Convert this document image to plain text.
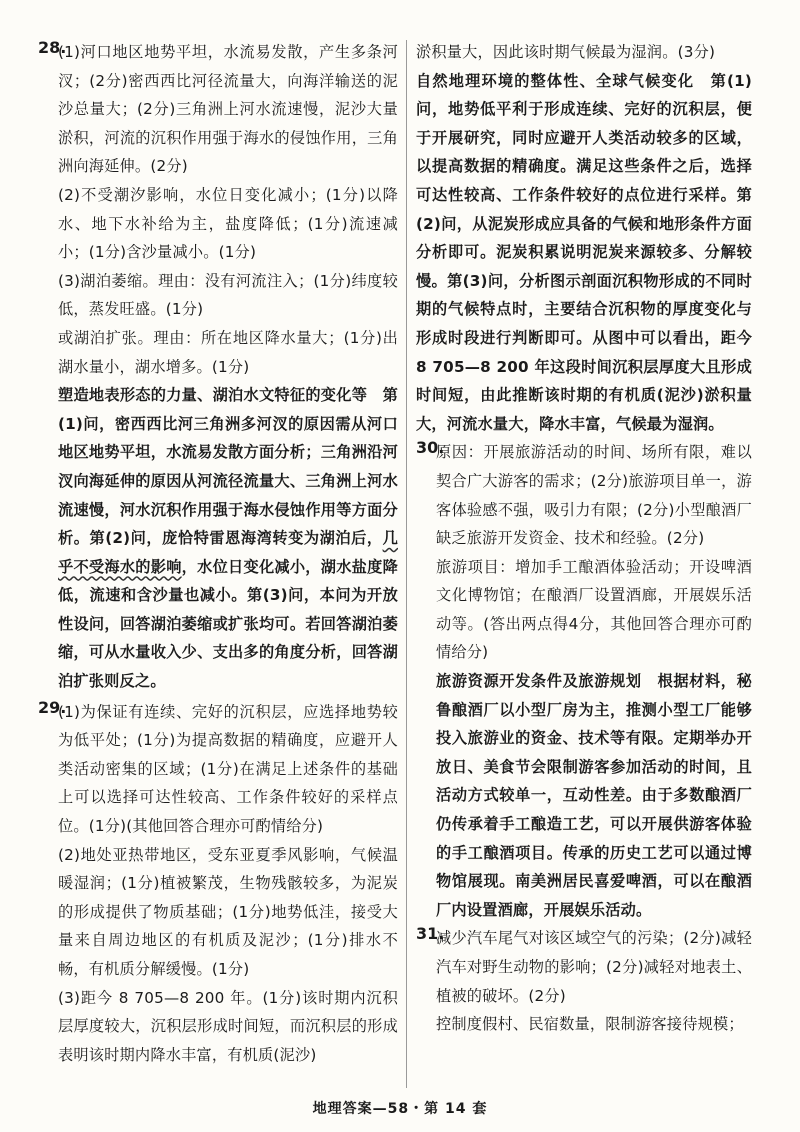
28.

(1)河口地区地势平坦，水流易发散，产生多条河汊；(2分)密西西比河径流量大，向海洋输送的泥沙总量大；(2分)三角洲上河水流速慢，泥沙大量淤积，河流的沉积作用强于海水的侵蚀作用，三角洲向海延伸。(2分)

(2)不受潮汐影响，水位日变化减小；(1分)以降水、地下水补给为主，盐度降低；(1分)流速减小；(1分)含沙量减小。(1分)

(3)湖泊萎缩。理由：没有河流注入；(1分)纬度较低，蒸发旺盛。(1分)

或湖泊扩张。理由：所在地区降水量大；(1分)出湖水量小，湖水增多。(1分)

塑造地表形态的力量、湖泊水文特征的变化等　第(1)问，密西西比河三角洲多河汊的原因需从河口地区地势平坦，水流易发散方面分析；三角洲沿河汊向海延伸的原因从河流径流量大、三角洲上河水流速慢，河水沉积作用强于海水侵蚀作用等方面分析。第(2)问，庞恰特雷恩海湾转变为湖泊后，几乎不受海水的影响，水位日变化减小，湖水盐度降低，流速和含沙量也减小。第(3)问，本问为开放性设问，回答湖泊萎缩或扩张均可。若回答湖泊萎缩，可从水量收入少、支出多的角度分析，回答湖泊扩张则反之。

29.

(1)为保证有连续、完好的沉积层，应选择地势较为低平处；(1分)为提高数据的精确度，应避开人类活动密集的区域；(1分)在满足上述条件的基础上可以选择可达性较高、工作条件较好的采样点位。(1分)(其他回答合理亦可酌情给分)

(2)地处亚热带地区，受东亚夏季风影响，气候温暖湿润；(1分)植被繁茂，生物残骸较多，为泥炭的形成提供了物质基础；(1分)地势低洼，接受大量来自周边地区的有机质及泥沙；(1分)排水不畅，有机质分解缓慢。(1分)

(3)距今 8 705—8 200 年。(1分)该时期内沉积层厚度较大，沉积层形成时间短，而沉积层的形成表明该时期内降水丰富，有机质(泥沙)

淤积量大，因此该时期气候最为湿润。(3分)

自然地理环境的整体性、全球气候变化　第(1)问，地势低平利于形成连续、完好的沉积层，便于开展研究，同时应避开人类活动较多的区域，以提高数据的精确度。满足这些条件之后，选择可达性较高、工作条件较好的点位进行采样。第(2)问，从泥炭形成应具备的气候和地形条件方面分析即可。泥炭积累说明泥炭来源较多、分解较慢。第(3)问，分析图示剖面沉积物形成的不同时期的气候特点时，主要结合沉积物的厚度变化与形成时段进行判断即可。从图中可以看出，距今 8 705—8 200 年这段时间沉积层厚度大且形成时间短，由此推断该时期的有机质(泥沙)淤积量大，河流水量大，降水丰富，气候最为湿润。

30.

原因：开展旅游活动的时间、场所有限，难以契合广大游客的需求；(2分)旅游项目单一，游客体验感不强，吸引力有限；(2分)小型酿酒厂缺乏旅游开发资金、技术和经验。(2分)

旅游项目：增加手工酿酒体验活动；开设啤酒文化博物馆；在酿酒厂设置酒廊，开展娱乐活动等。(答出两点得4分，其他回答合理亦可酌情给分)

旅游资源开发条件及旅游规划　根据材料，秘鲁酿酒厂以小型厂房为主，推测小型工厂能够投入旅游业的资金、技术等有限。定期举办开放日、美食节会限制游客参加活动的时间，且活动方式较单一，互动性差。由于多数酿酒厂仍传承着手工酿造工艺，可以开展供游客体验的手工酿酒项目。传承的历史工艺可以通过博物馆展现。南美洲居民喜爱啤酒，可以在酿酒厂内设置酒廊，开展娱乐活动。

31.

减少汽车尾气对该区域空气的污染；(2分)减轻汽车对野生动物的影响；(2分)减轻对地表土、植被的破坏。(2分)

控制度假村、民宿数量，限制游客接待规模；

地理答案—58・第 14 套
